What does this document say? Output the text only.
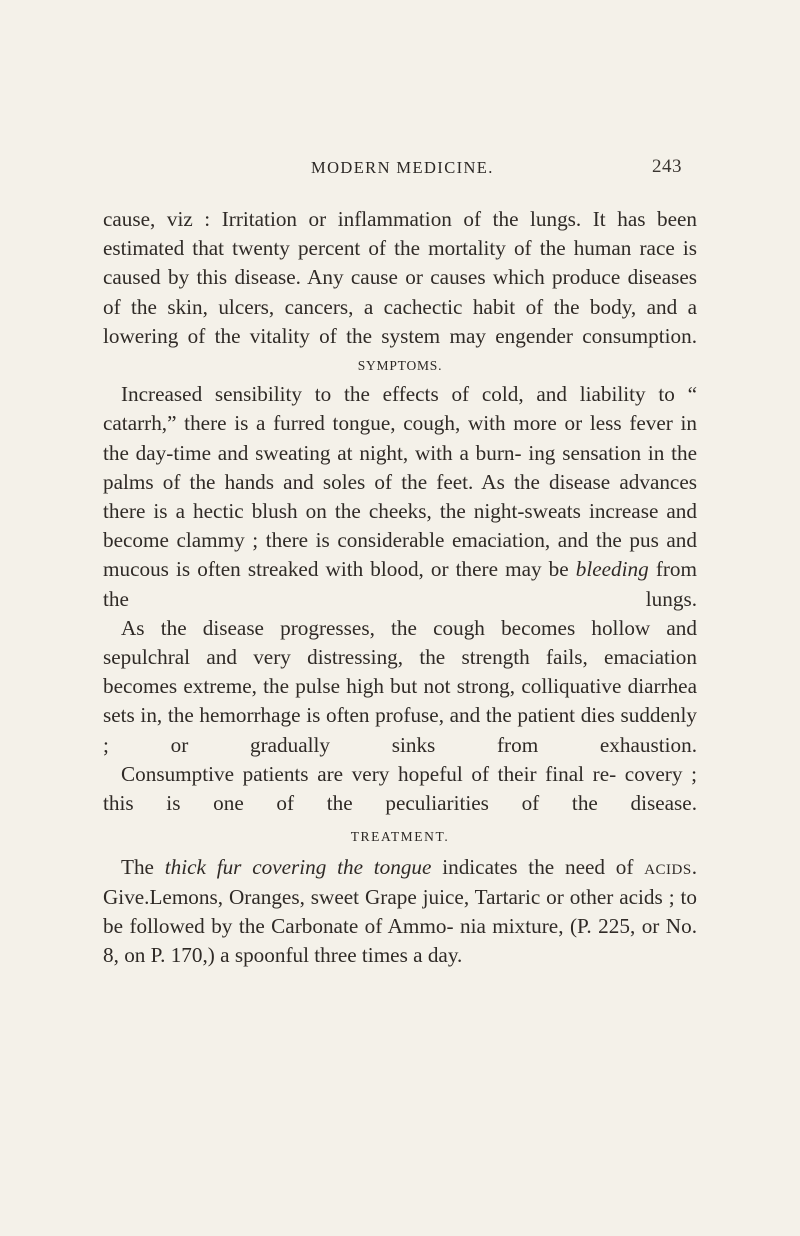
MODERN MEDICINE.	243

cause, viz : Irritation or inflammation of the lungs. It has been estimated that twenty percent of the mortality of the human race is caused by this disease. Any cause or causes which produce diseases of the skin, ulcers, cancers, a cachectic habit of the body, and a lowering of the vitality of the system may engender consumption.

SYMPTOMS.

Increased sensibility to the effects of cold, and liability to “ catarrh,” there is a furred tongue, cough, with more or less fever in the day-time and sweating at night, with a burn- ing sensation in the palms of the hands and soles of the feet. As the disease advances there is a hectic blush on the cheeks, the night-sweats increase and become clammy ; there is considerable emaciation, and the pus and mucous is often streaked with blood, or there may be bleeding from the lungs.

As the disease progresses, the cough becomes hollow and sepulchral and very distressing, the strength fails, emaciation becomes extreme, the pulse high but not strong, colliquative diarrhea sets in, the hemorrhage is often profuse, and the patient dies suddenly ; or gradually sinks from exhaustion.

Consumptive patients are very hopeful of their final re- covery ; this is one of the peculiarities of the disease.

TREATMENT.

The thick fur covering the tongue indicates the need of acids. Give.Lemons, Oranges, sweet Grape juice, Tartaric or other acids ; to be followed by the Carbonate of Ammo- nia mixture, (P. 225, or No. 8, on P. 170,) a spoonful three times a day.
